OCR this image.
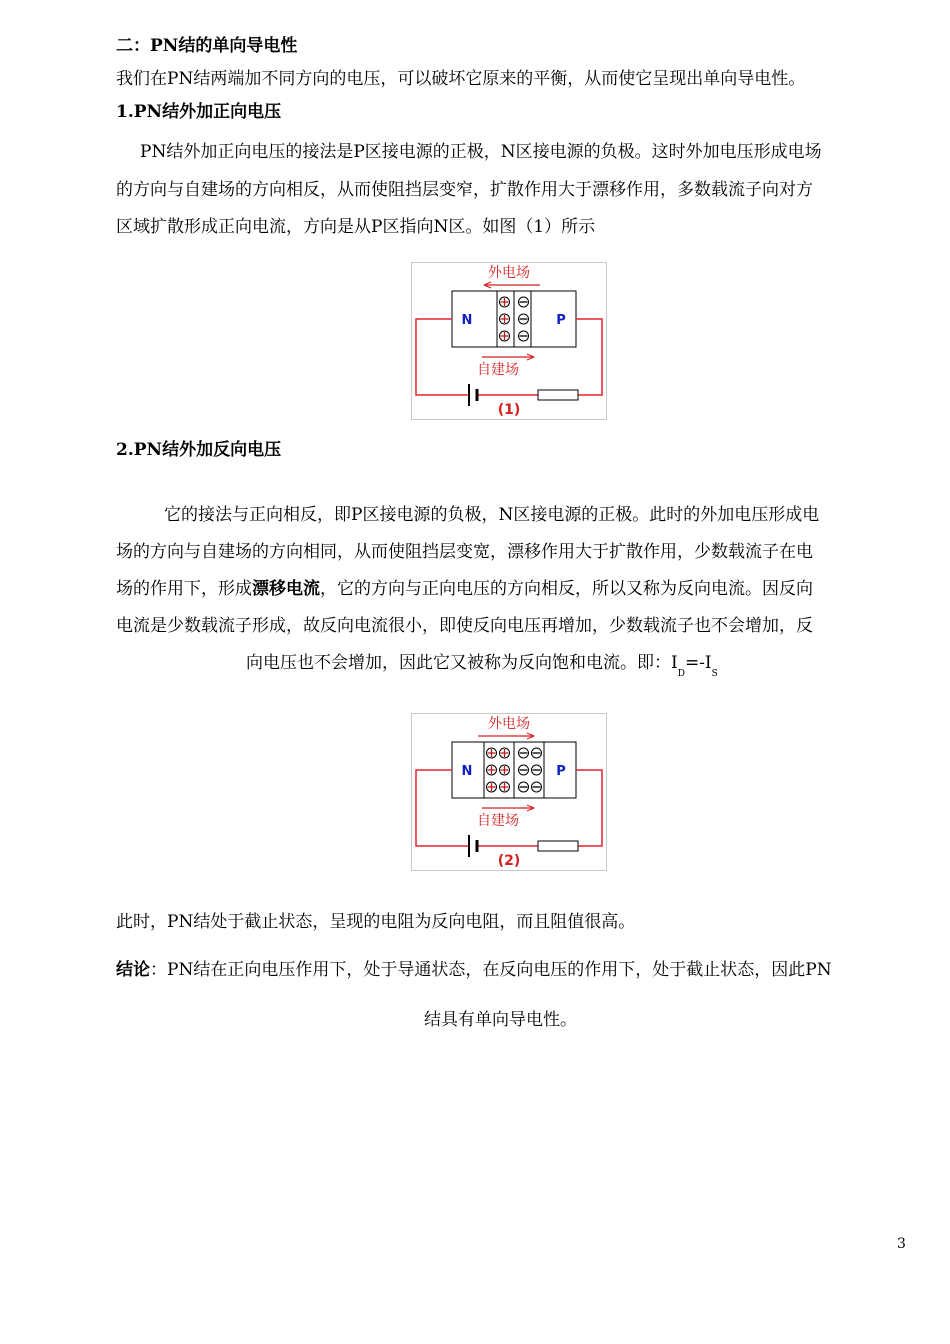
二：PN结的单向导电性
我们在PN结两端加不同方向的电压，可以破坏它原来的平衡，从而使它呈现出单向导电性。
1.PN结外加正向电压
PN结外加正向电压的接法是P区接电源的正极，N区接电源的负极。这时外加电压形成电场
的方向与自建场的方向相反，从而使阻挡层变窄，扩散作用大于漂移作用，多数载流子向对方
区域扩散形成正向电流，方向是从P区指向N区。如图（1）所示
外电场
N	P
自建场
(1)
2.PN结外加反向电压
它的接法与正向相反，即P区接电源的负极，N区接电源的正极。此时的外加电压形成电
场的方向与自建场的方向相同，从而使阻挡层变宽，漂移作用大于扩散作用，少数载流子在电
场的作用下，形成漂移电流，它的方向与正向电压的方向相反，所以又称为反向电流。因反向
电流是少数载流子形成，故反向电流很小，即使反向电压再增加，少数载流子也不会增加，反
向电压也不会增加，因此它又被称为反向饱和电流。即：$I_D=-I_S$
外电场
N	P
自建场
(2)
此时，PN结处于截止状态，呈现的电阻为反向电阻，而且阻值很高。
结论：PN结在正向电压作用下，处于导通状态，在反向电压的作用下，处于截止状态，因此PN
结具有单向导电性。
3
